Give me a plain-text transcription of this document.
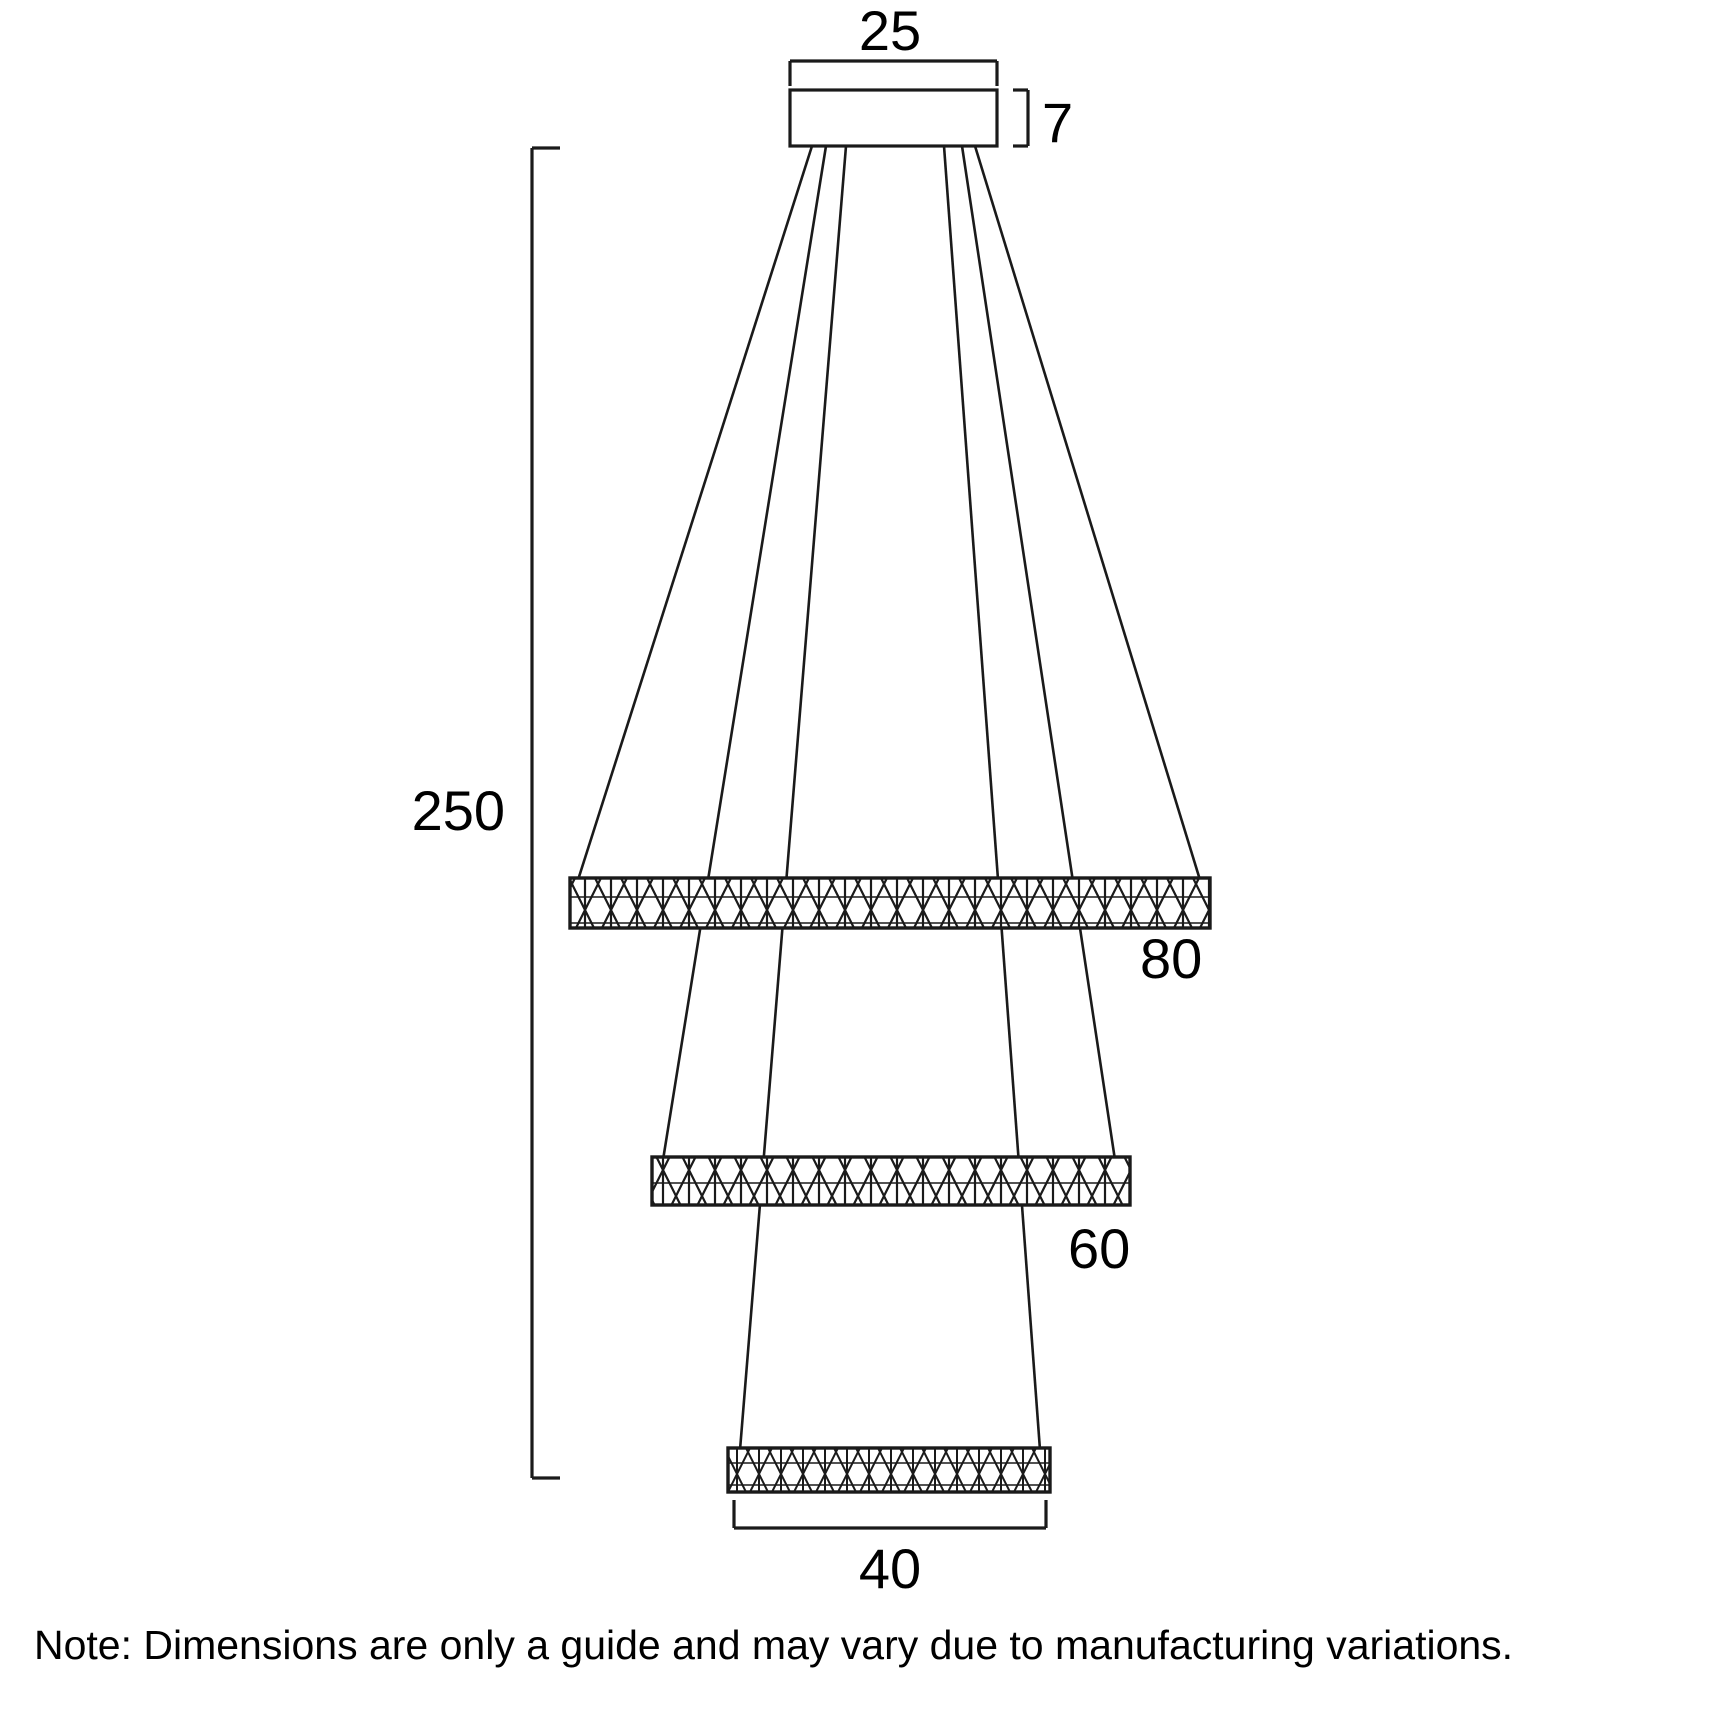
25
7
250
80
60
40
Note: Dimensions are only a guide and may vary due to manufacturing variations.
